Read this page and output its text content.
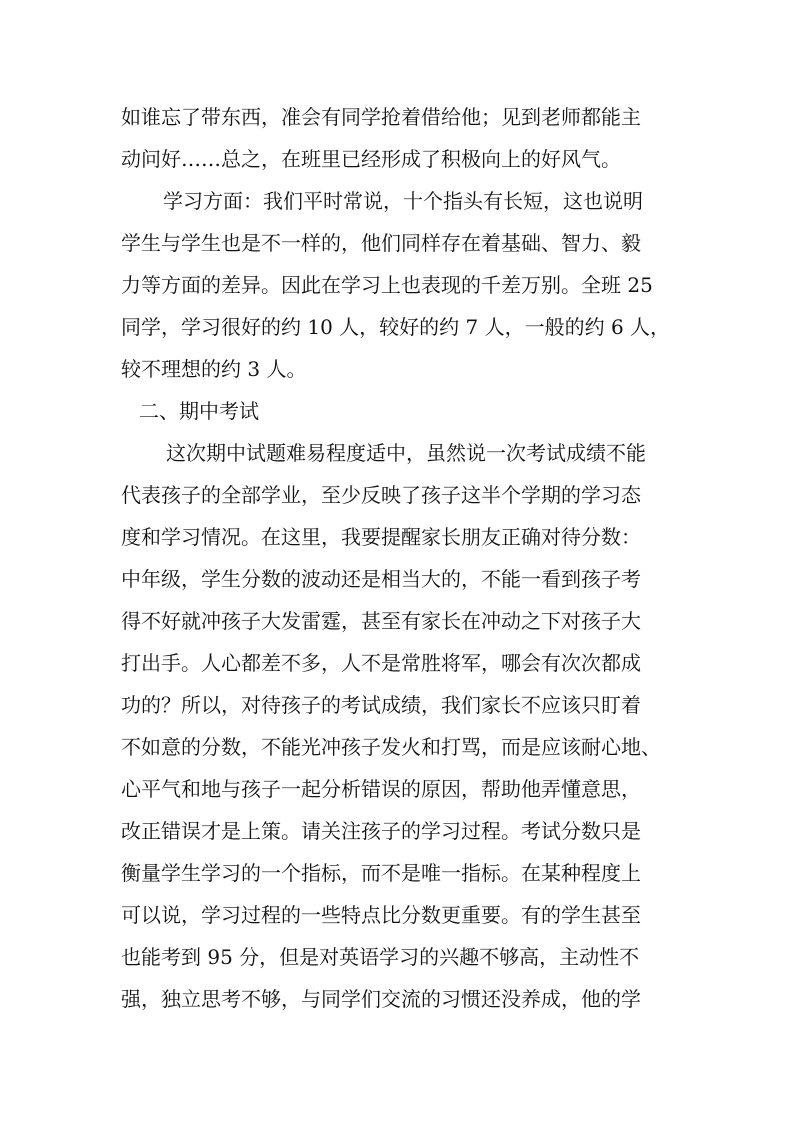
如谁忘了带东西，准会有同学抢着借给他；见到老师都能主
动问好……总之，在班里已经形成了积极向上的好风气。
学习方面：我们平时常说，十个指头有长短，这也说明
学生与学生也是不一样的，他们同样存在着基础、智力、毅
力等方面的差异。因此在学习上也表现的千差万别。全班 25
同学，学习很好的约 10 人，较好的约 7 人，一般的约 6 人，
较不理想的约 3 人。
二、期中考试
这次期中试题难易程度适中，虽然说一次考试成绩不能
代表孩子的全部学业，至少反映了孩子这半个学期的学习态
度和学习情况。在这里，我要提醒家长朋友正确对待分数：
中年级，学生分数的波动还是相当大的，不能一看到孩子考
得不好就冲孩子大发雷霆，甚至有家长在冲动之下对孩子大
打出手。人心都差不多，人不是常胜将军，哪会有次次都成
功的？所以，对待孩子的考试成绩，我们家长不应该只盯着
不如意的分数，不能光冲孩子发火和打骂，而是应该耐心地、
心平气和地与孩子一起分析错误的原因，帮助他弄懂意思，
改正错误才是上策。请关注孩子的学习过程。考试分数只是
衡量学生学习的一个指标，而不是唯一指标。在某种程度上
可以说，学习过程的一些特点比分数更重要。有的学生甚至
也能考到 95 分，但是对英语学习的兴趣不够高，主动性不
强，独立思考不够，与同学们交流的习惯还没养成，他的学
